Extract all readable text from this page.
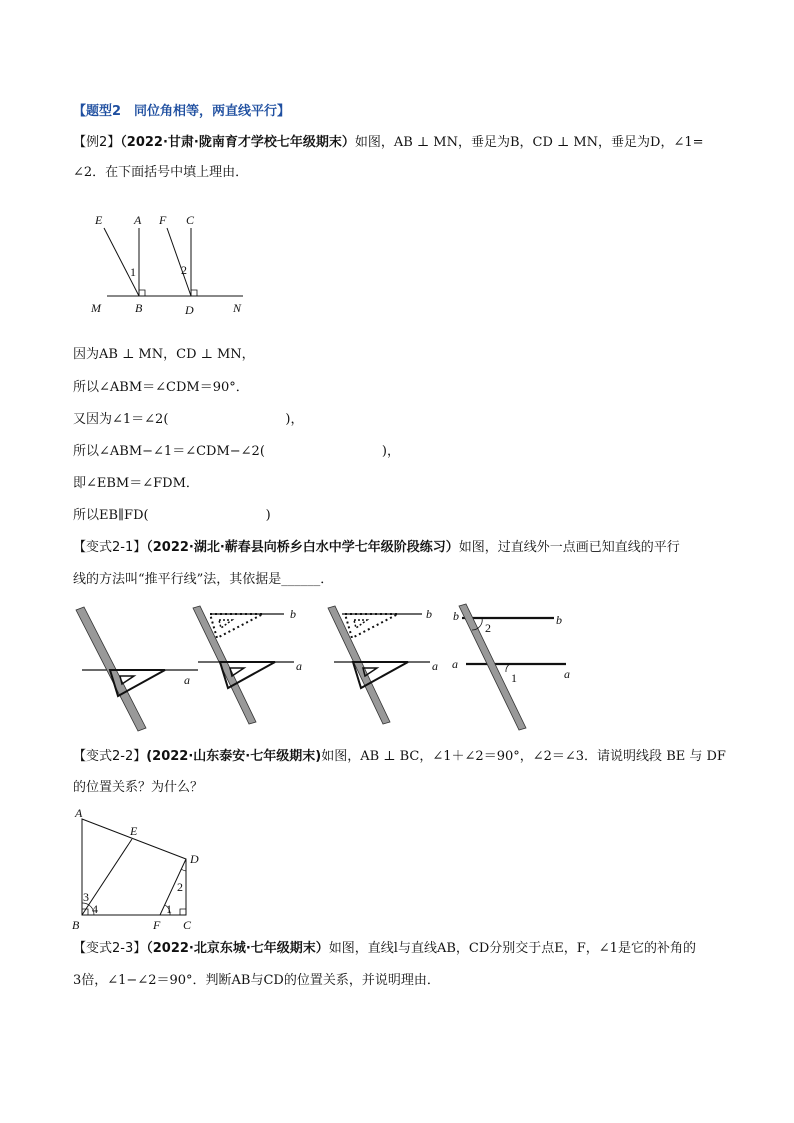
【题型2　同位角相等，两直线平行】
【例2】（2022·甘肃·陇南育才学校七年级期末）如图，AB ⊥ MN，垂足为B，CD ⊥ MN，垂足为D，∠1=
∠2．在下面括号中填上理由．
E	A F C
M	B	D	N
1	2
因为AB ⊥ MN，CD ⊥ MN，
所以∠ABM＝∠CDM＝90°．
又因为∠1＝∠2(　　　　　　　　　)，
所以∠ABM−∠1＝∠CDM−∠2(　　　　　　　　　)，
即∠EBM＝∠FDM．
所以EB∥FD(　　　　　　　　　)
【变式2-1】（2022·湖北·蕲春县向桥乡白水中学七年级阶段练习）如图，过直线外一点画已知直线的平行
线的方法叫“推平行线”法，其依据是______．
a
b
a
b
a
b	b
a
a
2
1
【变式2-2】(2022·山东泰安·七年级期末)如图，AB ⊥ BC，∠1＋∠2＝90°，∠2＝∠3．请说明线段 BE 与 DF
的位置关系？为什么？
A
E
D
B	F C
3
4	1
2
【变式2-3】（2022·北京东城·七年级期末）如图，直线l与直线AB，CD分别交于点E，F，∠1是它的补角的
3倍，∠1−∠2＝90°．判断AB与CD的位置关系，并说明理由．
